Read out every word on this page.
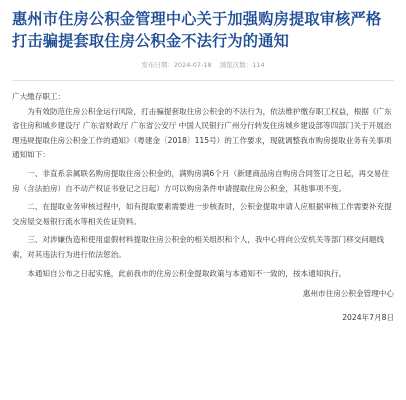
惠州市住房公积金管理中心关于加强购房提取审核严格打击骗提套取住房公积金不法行为的通知
发布日期：2024-07-18 浏览次数：114

广大缴存职工：

为有效防范住房公积金运行风险，打击骗提套取住房公积金的不法行为，依法维护缴存职工权益，根据《广东省住房和城乡建设厅 广东省财政厅 广东省公安厅 中国人民银行广州分行转发住房城乡建设部等四部门关于开展治理违规提取住房公积金工作的通知》（粤建金〔2018〕115号）的工作要求，现就调整我市购房提取业务有关事项通知如下：

一、非直系亲属联名购房提取住房公积金的，满购房满6个月（新建商品房自购房合同签订之日起，再交易住房（含法拍房）自不动产权证书登记之日起）方可以购房条件申请提取住房公积金，其他事项不变。

二、在提取业务审核过程中，如有提取要素需要进一步核查时，公积金提取申请人应根据审核工作需要补充提交房屋交易银行流水等相关佐证资料。

三、对涉嫌伪造和使用虚假材料提取住房公积金的相关组织和个人，我中心将向公安机关等部门移交问题线索，对其违法行为进行依法惩治。

本通知自公布之日起实施，此前我市的住房公积金提取政策与本通知不一致的，按本通知执行。

惠州市住房公积金管理中心
2024年7月8日
